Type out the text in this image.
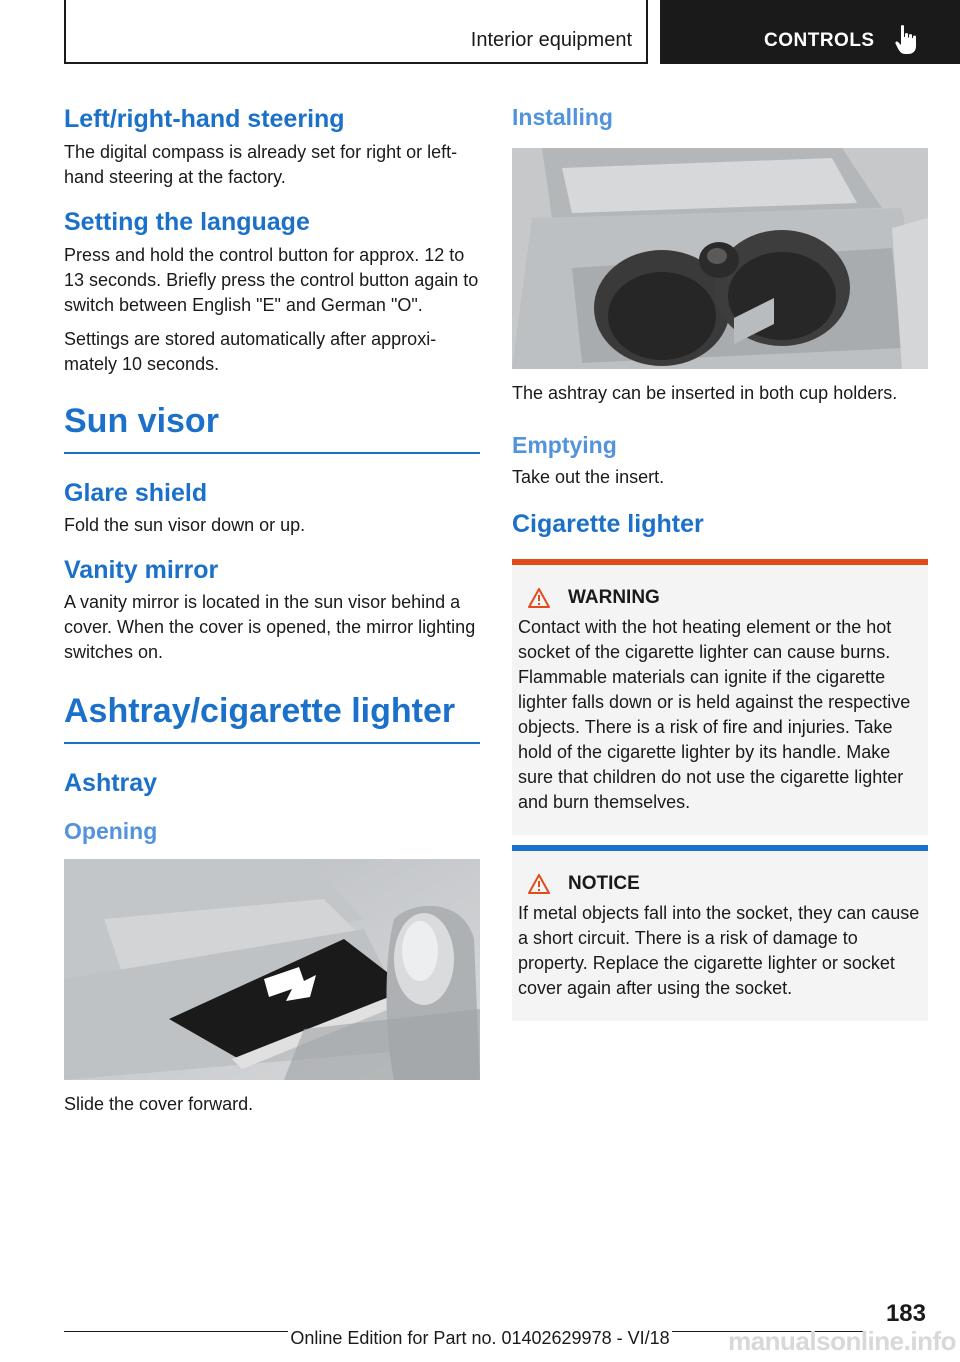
Interior equipment	CONTROLS
Left/right-hand steering

The digital compass is already set for right or left-hand steering at the factory.

Setting the language

Press and hold the control button for approx. 12 to 13 seconds. Briefly press the control button again to switch between English "E" and German "O".

Settings are stored automatically after approximately 10 seconds.

Sun visor
Glare shield

Fold the sun visor down or up.

Vanity mirror

A vanity mirror is located in the sun visor behind a cover. When the cover is opened, the mirror lighting switches on.

Ashtray/cigarette lighter
Ashtray
Opening

Slide the cover forward.

Installing

The ashtray can be inserted in both cup holders.

Emptying

Take out the insert.

Cigarette lighter
WARNING

Contact with the hot heating element or the hot socket of the cigarette lighter can cause burns. Flammable materials can ignite if the cigarette lighter falls down or is held against the respective objects. There is a risk of fire and injuries. Take hold of the cigarette lighter by its handle. Make sure that children do not use the cigarette lighter and burn themselves.

NOTICE

If metal objects fall into the socket, they can cause a short circuit. There is a risk of damage to property. Replace the cigarette lighter or socket cover again after using the socket.

183
Online Edition for Part no. 01402629978 - VI/18	manualsonline.info
